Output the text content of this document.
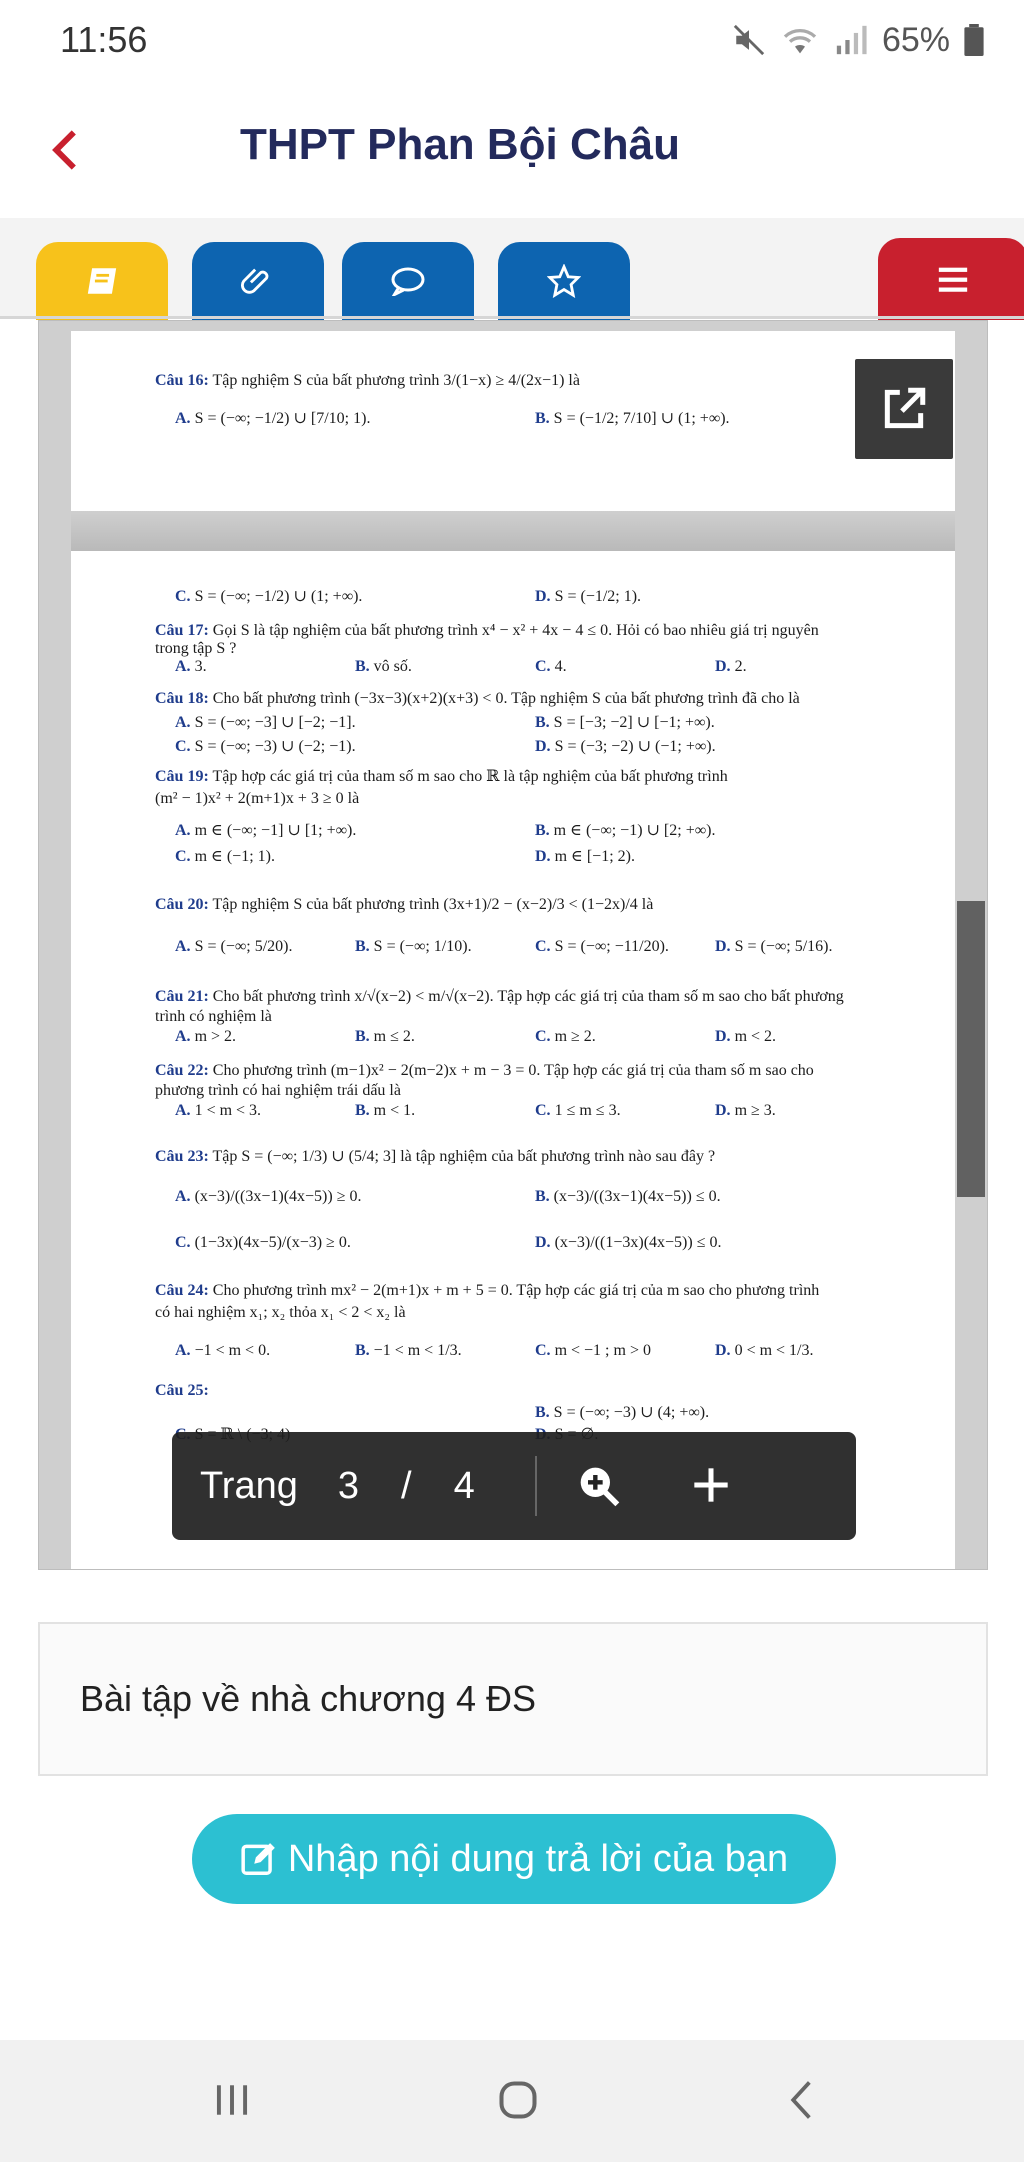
11:56	65%
THPT Phan Bội Châu
Câu 16: Tập nghiệm S của bất phương trình 3/(1−x) ≥ 4/(2x−1) là
A. S = (−∞; −1/2) ∪ [7/10; 1).	B. S = (−1/2; 7/10] ∪ (1; +∞).
C. S = (−∞; −1/2) ∪ (1; +∞).	D. S = (−1/2; 1).
Câu 17: Gọi S là tập nghiệm của bất phương trình x⁴ − x² + 4x − 4 ≤ 0. Hỏi có bao nhiêu giá trị nguyên
trong tập S ?
A. 3.	B. vô số.	C. 4.	D. 2.
Câu 18: Cho bất phương trình (−3x−3)(x+2)(x+3) < 0. Tập nghiệm S của bất phương trình đã cho là
A. S = (−∞; −3] ∪ [−2; −1].	B. S = [−3; −2] ∪ [−1; +∞).
C. S = (−∞; −3) ∪ (−2; −1).	D. S = (−3; −2) ∪ (−1; +∞).
Câu 19: Tập hợp các giá trị của tham số m sao cho ℝ là tập nghiệm của bất phương trình
(m² − 1)x² + 2(m+1)x + 3 ≥ 0 là
A. m ∈ (−∞; −1] ∪ [1; +∞).	B. m ∈ (−∞; −1) ∪ [2; +∞).
C. m ∈ (−1; 1).	D. m ∈ [−1; 2).
Câu 20: Tập nghiệm S của bất phương trình (3x+1)/2 − (x−2)/3 < (1−2x)/4 là
A. S = (−∞; 5/20).	B. S = (−∞; 1/10).	C. S = (−∞; −11/20).	D. S = (−∞; 5/16).
Câu 21: Cho bất phương trình x/√(x−2) < m/√(x−2). Tập hợp các giá trị của tham số m sao cho bất phương
trình có nghiệm là
A. m > 2.	B. m ≤ 2.	C. m ≥ 2.	D. m < 2.
Câu 22: Cho phương trình (m−1)x² − 2(m−2)x + m − 3 = 0. Tập hợp các giá trị của tham số m sao cho
phương trình có hai nghiệm trái dấu là
A. 1 < m < 3.	B. m < 1.	C. 1 ≤ m ≤ 3.	D. m ≥ 3.
Câu 23: Tập S = (−∞; 1/3) ∪ (5/4; 3] là tập nghiệm của bất phương trình nào sau đây ?
A. (x−3)/((3x−1)(4x−5)) ≥ 0.	B. (x−3)/((3x−1)(4x−5)) ≤ 0.
C. (1−3x)(4x−5)/(x−3) ≥ 0.	D. (x−3)/((1−3x)(4x−5)) ≤ 0.
Câu 24: Cho phương trình mx² − 2(m+1)x + m + 5 = 0. Tập hợp các giá trị của m sao cho phương trình
có hai nghiệm x₁; x₂ thỏa x₁ < 2 < x₂ là
A. −1 < m < 0.	B. −1 < m < 1/3.	C. m < −1 ; m > 0	D. 0 < m < 1/3.
Câu 25:
B. S = (−∞; −3) ∪ (4; +∞).
Trang 3 / 4
Bài tập về nhà chương 4 ĐS
Nhập nội dung trả lời của bạn
